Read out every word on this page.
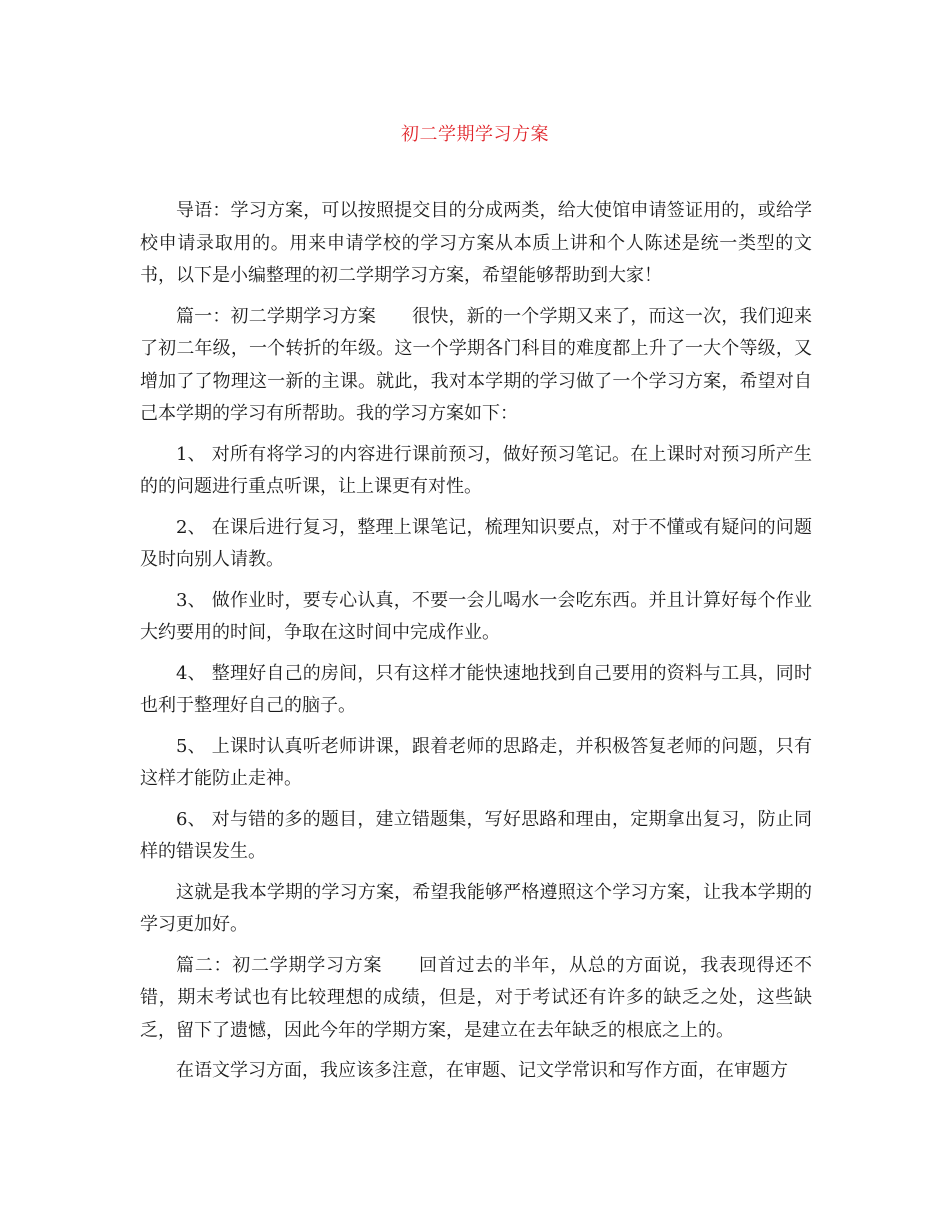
初二学期学习方案

导语：学习方案，可以按照提交目的分成两类，给大使馆申请签证用的，或给学校申请录取用的。用来申请学校的学习方案从本质上讲和个人陈述是统一类型的文书，以下是小编整理的初二学期学习方案，希望能够帮助到大家！

篇一：初二学期学习方案 很快，新的一个学期又来了，而这一次，我们迎来了初二年级，一个转折的年级。这一个学期各门科目的难度都上升了一大个等级，又增加了了物理这一新的主课。就此，我对本学期的学习做了一个学习方案，希望对自己本学期的学习有所帮助。我的学习方案如下：

1、 对所有将学习的内容进行课前预习，做好预习笔记。在上课时对预习所产生的的问题进行重点听课，让上课更有对性。

2、 在课后进行复习，整理上课笔记，梳理知识要点，对于不懂或有疑问的问题及时向别人请教。

3、 做作业时，要专心认真，不要一会儿喝水一会吃东西。并且计算好每个作业大约要用的时间，争取在这时间中完成作业。

4、 整理好自己的房间，只有这样才能快速地找到自己要用的资料与工具，同时也利于整理好自己的脑子。

5、 上课时认真听老师讲课，跟着老师的思路走，并积极答复老师的问题，只有这样才能防止走神。

6、 对与错的多的题目，建立错题集，写好思路和理由，定期拿出复习，防止同样的错误发生。

这就是我本学期的学习方案，希望我能够严格遵照这个学习方案，让我本学期的学习更加好。

篇二：初二学期学习方案 回首过去的半年，从总的方面说，我表现得还不错，期末考试也有比较理想的成绩，但是，对于考试还有许多的缺乏之处，这些缺乏，留下了遗憾，因此今年的学期方案，是建立在去年缺乏的根底之上的。

在语文学习方面，我应该多注意，在审题、记文学常识和写作方面，在审题方
